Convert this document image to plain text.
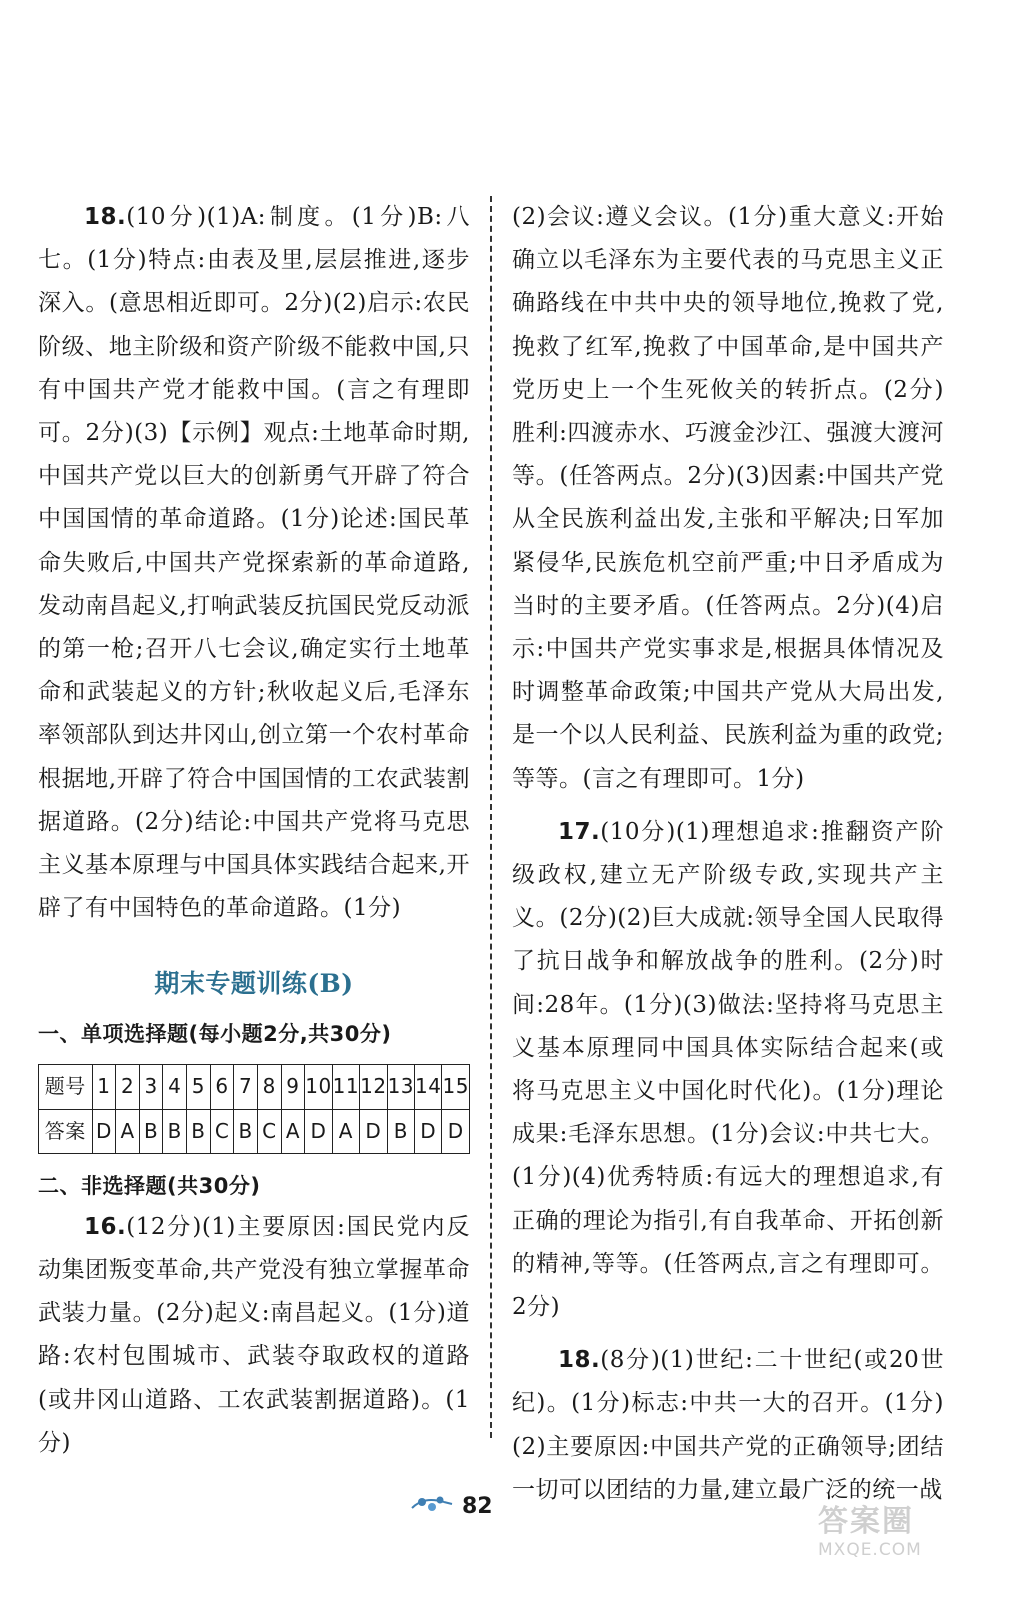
18.(10分)(1)A:制度。(1分)B:八七。(1分)特点:由表及里,层层推进,逐步深入。(意思相近即可。2分)(2)启示:农民阶级、地主阶级和资产阶级不能救中国,只有中国共产党才能救中国。(言之有理即可。2分)(3)【示例】观点:土地革命时期,中国共产党以巨大的创新勇气开辟了符合中国国情的革命道路。(1分)论述:国民革命失败后,中国共产党探索新的革命道路,发动南昌起义,打响武装反抗国民党反动派的第一枪;召开八七会议,确定实行土地革命和武装起义的方针;秋收起义后,毛泽东率领部队到达井冈山,创立第一个农村革命根据地,开辟了符合中国国情的工农武装割据道路。(2分)结论:中国共产党将马克思主义基本原理与中国具体实践结合起来,开辟了有中国特色的革命道路。(1分)

期末专题训练(B)

一、单项选择题(每小题2分,共30分)

题号	1	2	3	4	5	6	7	8	9	10	11	12	13	14	15
答案	D	A	B	B	B	C	B	C	A	D	A	D	B	D	D

二、非选择题(共30分)

16.(12分)(1)主要原因:国民党内反动集团叛变革命,共产党没有独立掌握革命武装力量。(2分)起义:南昌起义。(1分)道路:农村包围城市、武装夺取政权的道路(或井冈山道路、工农武装割据道路)。(1分)

(2)会议:遵义会议。(1分)重大意义:开始确立以毛泽东为主要代表的马克思主义正确路线在中共中央的领导地位,挽救了党,挽救了红军,挽救了中国革命,是中国共产党历史上一个生死攸关的转折点。(2分)胜利:四渡赤水、巧渡金沙江、强渡大渡河等。(任答两点。2分)(3)因素:中国共产党从全民族利益出发,主张和平解决;日军加紧侵华,民族危机空前严重;中日矛盾成为当时的主要矛盾。(任答两点。2分)(4)启示:中国共产党实事求是,根据具体情况及时调整革命政策;中国共产党从大局出发,是一个以人民利益、民族利益为重的政党;等等。(言之有理即可。1分)

17.(10分)(1)理想追求:推翻资产阶级政权,建立无产阶级专政,实现共产主义。(2分)(2)巨大成就:领导全国人民取得了抗日战争和解放战争的胜利。(2分)时间:28年。(1分)(3)做法:坚持将马克思主义基本原理同中国具体实际结合起来(或将马克思主义中国化时代化)。(1分)理论成果:毛泽东思想。(1分)会议:中共七大。(1分)(4)优秀特质:有远大的理想追求,有正确的理论为指引,有自我革命、开拓创新的精神,等等。(任答两点,言之有理即可。2分)

18.(8分)(1)世纪:二十世纪(或20世纪)。(1分)标志:中共一大的召开。(1分)(2)主要原因:中国共产党的正确领导;团结一切可以团结的力量,建立最广泛的统一战

82	答案圈
MXQE.COM
